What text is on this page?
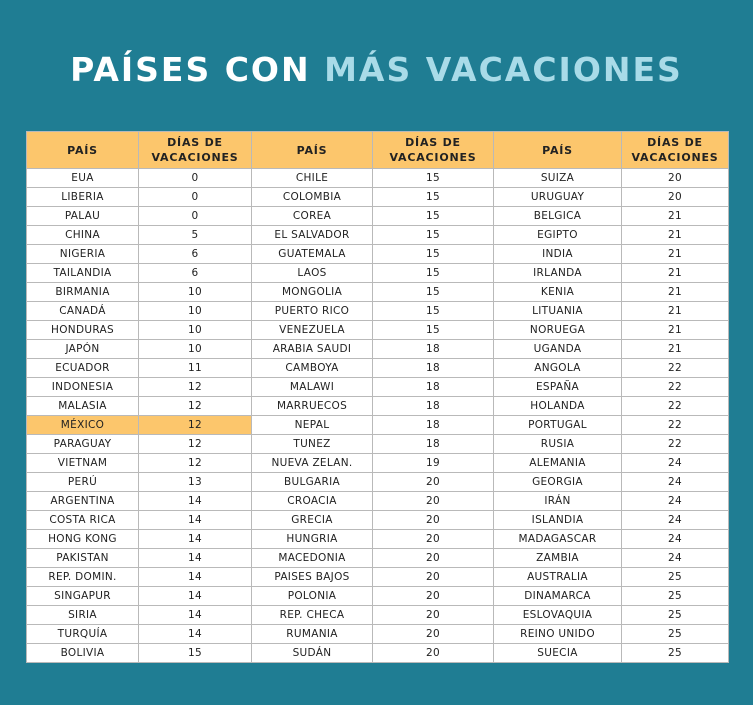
PAÍSES CON MÁS VACACIONES
PAÍS	DÍAS DE VACACIONES	PAÍS	DÍAS DE VACACIONES	PAÍS	DÍAS DE VACACIONES
EUA	0	CHILE	15	SUIZA	20
LIBERIA	0	COLOMBIA	15	URUGUAY	20
PALAU	0	COREA	15	BELGICA	21
CHINA	5	EL SALVADOR	15	EGIPTO	21
NIGERIA	6	GUATEMALA	15	INDIA	21
TAILANDIA	6	LAOS	15	IRLANDA	21
BIRMANIA	10	MONGOLIA	15	KENIA	21
CANADÁ	10	PUERTO RICO	15	LITUANIA	21
HONDURAS	10	VENEZUELA	15	NORUEGA	21
JAPÓN	10	ARABIA SAUDI	18	UGANDA	21
ECUADOR	11	CAMBOYA	18	ANGOLA	22
INDONESIA	12	MALAWI	18	ESPAÑA	22
MALASIA	12	MARRUECOS	18	HOLANDA	22
MÉXICO	12	NEPAL	18	PORTUGAL	22
PARAGUAY	12	TUNEZ	18	RUSIA	22
VIETNAM	12	NUEVA ZELAN.	19	ALEMANIA	24
PERÚ	13	BULGARIA	20	GEORGIA	24
ARGENTINA	14	CROACIA	20	IRÁN	24
COSTA RICA	14	GRECIA	20	ISLANDIA	24
HONG KONG	14	HUNGRIA	20	MADAGASCAR	24
PAKISTAN	14	MACEDONIA	20	ZAMBIA	24
REP. DOMIN.	14	PAISES BAJOS	20	AUSTRALIA	25
SINGAPUR	14	POLONIA	20	DINAMARCA	25
SIRIA	14	REP. CHECA	20	ESLOVAQUIA	25
TURQUÍA	14	RUMANIA	20	REINO UNIDO	25
BOLIVIA	15	SUDÁN	20	SUECIA	25
